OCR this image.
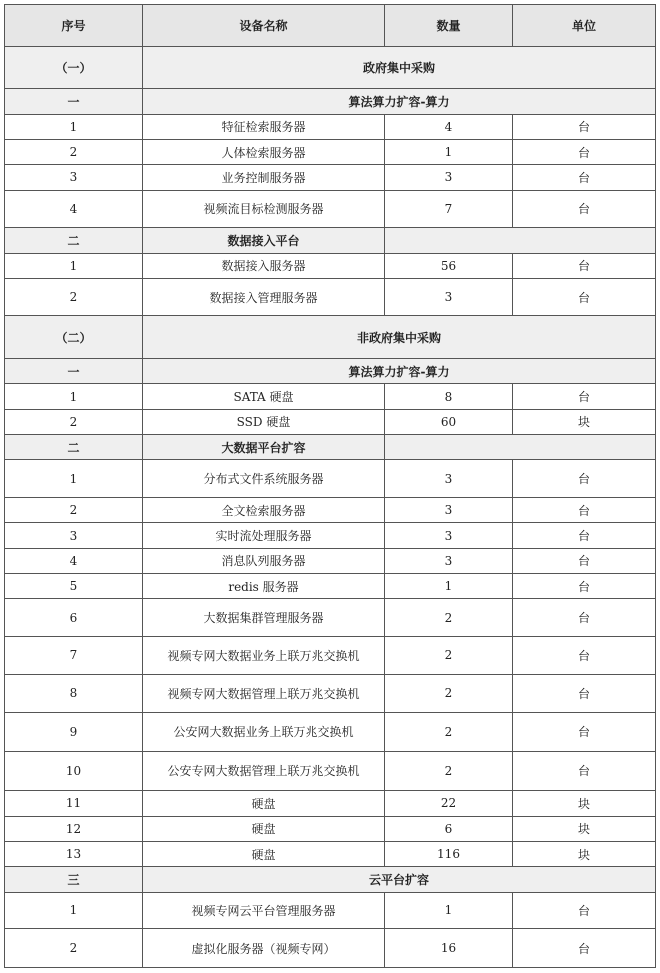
序号	设备名称	数量	单位
（一）	政府集中采购		
一	算法算力扩容-算力		
1	特征检索服务器	4	台
2	人体检索服务器	1	台
3	业务控制服务器	3	台
4	视频流目标检测服务器	7	台
二	数据接入平台		
1	数据接入服务器	56	台
2	数据接入管理服务器	3	台
（二）	非政府集中采购		
一	算法算力扩容-算力		
1	SATA 硬盘	8	台
2	SSD 硬盘	60	块
二	大数据平台扩容		
1	分布式文件系统服务器	3	台
2	全文检索服务器	3	台
3	实时流处理服务器	3	台
4	消息队列服务器	3	台
5	redis 服务器	1	台
6	大数据集群管理服务器	2	台
7	视频专网大数据业务上联万兆交换机	2	台
8	视频专网大数据管理上联万兆交换机	2	台
9	公安网大数据业务上联万兆交换机	2	台
10	公安专网大数据管理上联万兆交换机	2	台
11	硬盘	22	块
12	硬盘	6	块
13	硬盘	116	块
三	云平台扩容		
1	视频专网云平台管理服务器	1	台
2	虚拟化服务器（视频专网）	16	台
